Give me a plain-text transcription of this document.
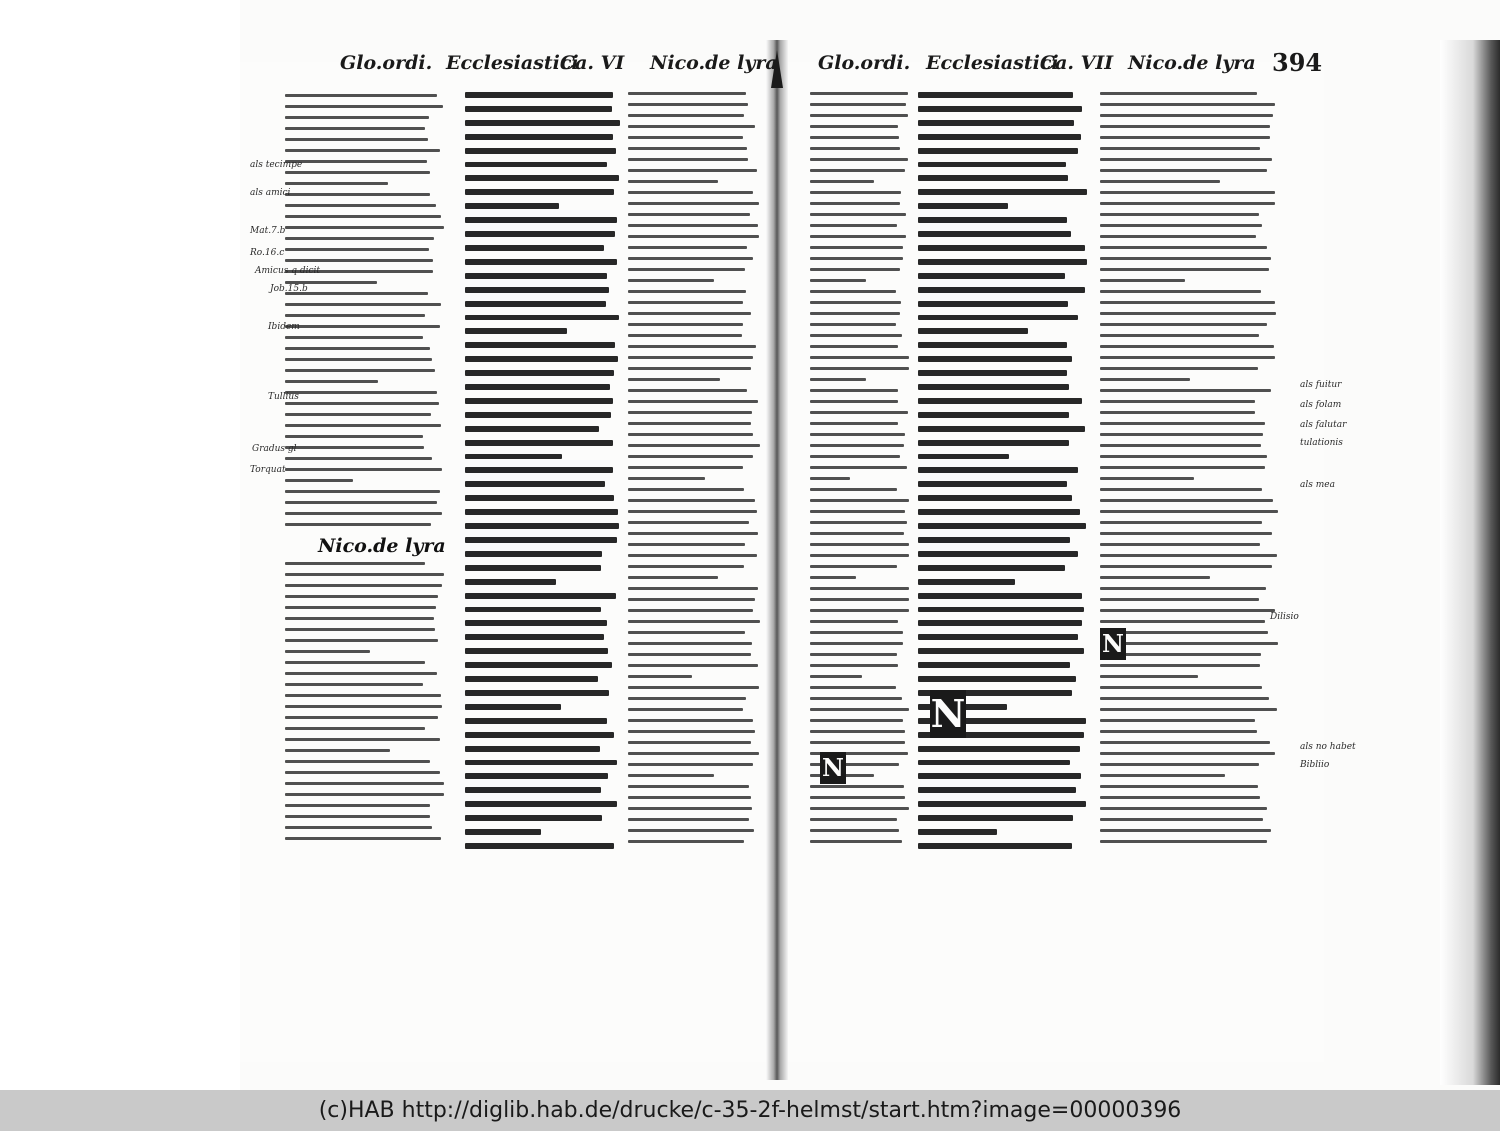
Glo.ordi. Ecclesiastici
Ca. VI Nico.de lyra Glo.ordi. Ecclesiastici
Ca. VII Nico.de lyra 394
Nico.de lyra
N
N
N
als tecimpe
als amici
Mat.7.b
Ro.16.c
Amicus q dicit
Job.15.b
Ibidem
Tullius
Gradus gl
Torquat
als fuitur
als folam
als falutar
tulationis
als mea
als no habet
Bibliio
Dilisio
(c)HAB http://diglib.hab.de/drucke/c-35-2f-helmst/start.htm?image=00000396
